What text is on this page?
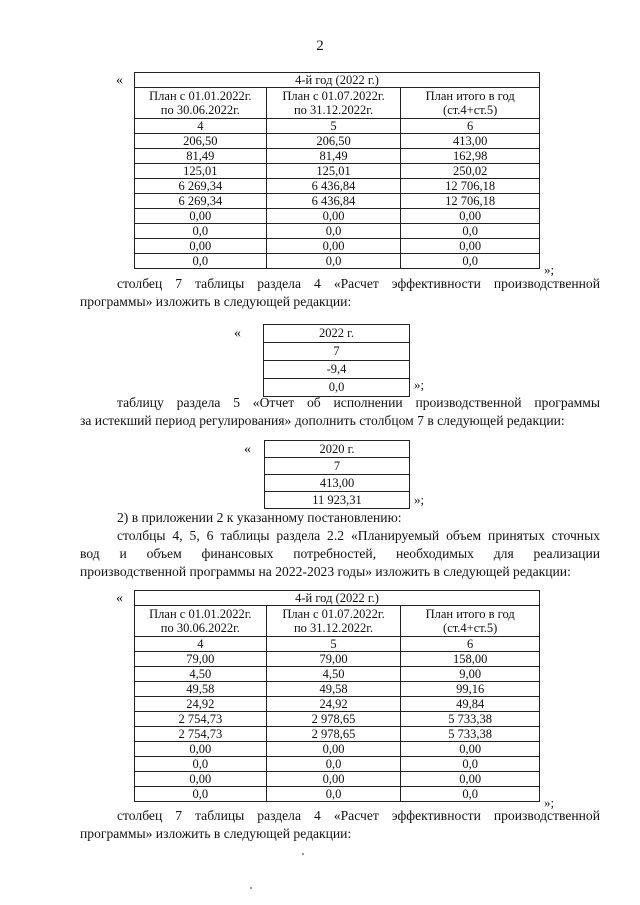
2
«	4-й год (2022 г.)		
План с 01.01.2022г.
по 30.06.2022г.	План с 01.07.2022г.
по 31.12.2022г.	План итого в год
(ст.4+ст.5)
4	5	6
206,50	206,50	413,00
81,49	81,49	162,98
125,01	125,01	250,02
6 269,34	6 436,84	12 706,18
6 269,34	6 436,84	12 706,18
0,00	0,00	0,00
0,0	0,0	0,0
0,00	0,00	0,00
0,0	0,0	0,0
»;
столбец 7 таблицы раздела 4 «Расчет эффективности производственной
программы» изложить в следующей редакции:
«	2022 г.
7
-9,4
0,0	»;
таблицу раздела 5 «Отчет об исполнении производственной программы
за истекший период регулирования» дополнить столбцом 7 в следующей редакции:
«	2020 г.
7
413,00
11 923,31	»;
2) в приложении 2 к указанному постановлению:
столбцы 4, 5, 6 таблицы раздела 2.2 «Планируемый объем принятых сточных
вод и объем финансовых потребностей, необходимых для реализации
производственной программы на 2022-2023 годы» изложить в следующей редакции:
«	4-й год (2022 г.)		
План с 01.01.2022г.
по 30.06.2022г.	План с 01.07.2022г.
по 31.12.2022г.	План итого в год
(ст.4+ст.5)
4	5	6
79,00	79,00	158,00
4,50	4,50	9,00
49,58	49,58	99,16
24,92	24,92	49,84
2 754,73	2 978,65	5 733,38
2 754,73	2 978,65	5 733,38
0,00	0,00	0,00
0,0	0,0	0,0
0,00	0,00	0,00
0,0	0,0	0,0
»;
столбец 7 таблицы раздела 4 «Расчет эффективности производственной
программы» изложить в следующей редакции:
